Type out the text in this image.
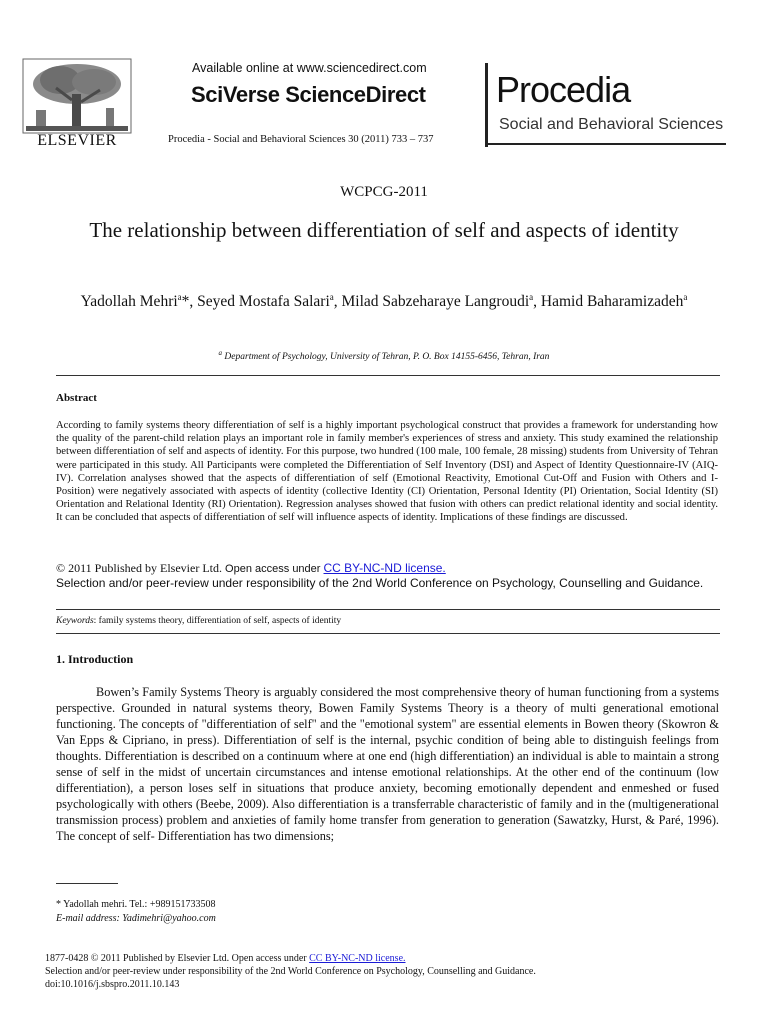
ELSEVIER
Available online at www.sciencedirect.com
SciVerse ScienceDirect
Procedia - Social and Behavioral Sciences 30 (2011) 733 – 737
Procedia
Social and Behavioral Sciences
WCPCG-2011
The relationship between differentiation of self and aspects of identity
Yadollah Mehri$^a$*, Seyed Mostafa Salari$^a$, Milad Sabzeharaye Langroudi$^a$, Hamid Baharamizadeh$^a$
$^a$ Department of Psychology, University of Tehran, P. O. Box 14155-6456, Tehran, Iran
Abstract
According to family systems theory differentiation of self is a highly important psychological construct that provides a framework for understanding how the quality of the parent-child relation plays an important role in family member's experiences of stress and anxiety. This study examined the relationship between differentiation of self and aspects of identity. For this purpose, two hundred (100 male, 100 female, 28 missing) students from University of Tehran were participated in this study. All Participants were completed the Differentiation of Self Inventory (DSI) and Aspect of Identity Questionnaire-IV (AIQ-IV). Correlation analyses showed that the aspects of differentiation of self (Emotional Reactivity, Emotional Cut-Off and Fusion with Others and I-Position) were negatively associated with aspects of identity (collective Identity (CI) Orientation, Personal Identity (PI) Orientation, Social Identity (SI) Orientation and Relational Identity (RI) Orientation). Regression analyses showed that fusion with others can predict relational identity and social identity. It can be concluded that aspects of differentiation of self will influence aspects of identity. Implications of these findings are discussed.
© 2011 Published by Elsevier Ltd. Open access under CC BY-NC-ND license.
Selection and/or peer-review under responsibility of the 2nd World Conference on Psychology, Counselling and Guidance.
Keywords: family systems theory, differentiation of self, aspects of identity
1. Introduction
Bowen’s Family Systems Theory is arguably considered the most comprehensive theory of human functioning from a systems perspective. Grounded in natural systems theory, Bowen Family Systems Theory is a theory of multi generational emotional functioning. The concepts of "differentiation of self" and the "emotional system" are essential elements in Bowen theory (Skowron & Van Epps & Cipriano, in press). Differentiation of self is the internal, psychic condition of being able to distinguish feelings from thoughts. Differentiation is described on a continuum where at one end (high differentiation) an individual is able to maintain a strong sense of self in the midst of uncertain circumstances and intense emotional relationships. At the other end of the continuum (low differentiation), a person loses self in situations that produce anxiety, becoming emotionally dependent and enmeshed or fused psychologically with others (Beebe, 2009). Also differentiation is a transferrable characteristic of family and in the (multigenerational transmission process) problem and anxieties of family home transfer from generation to generation (Sawatzky, Hurst, & Paré, 1996). The concept of self- Differentiation has two dimensions;
* Yadollah mehri. Tel.: +989151733508
E-mail address: Yadimehri@yahoo.com
1877-0428 © 2011 Published by Elsevier Ltd. Open access under CC BY-NC-ND license.
Selection and/or peer-review under responsibility of the 2nd World Conference on Psychology, Counselling and Guidance.
doi:10.1016/j.sbspro.2011.10.143
